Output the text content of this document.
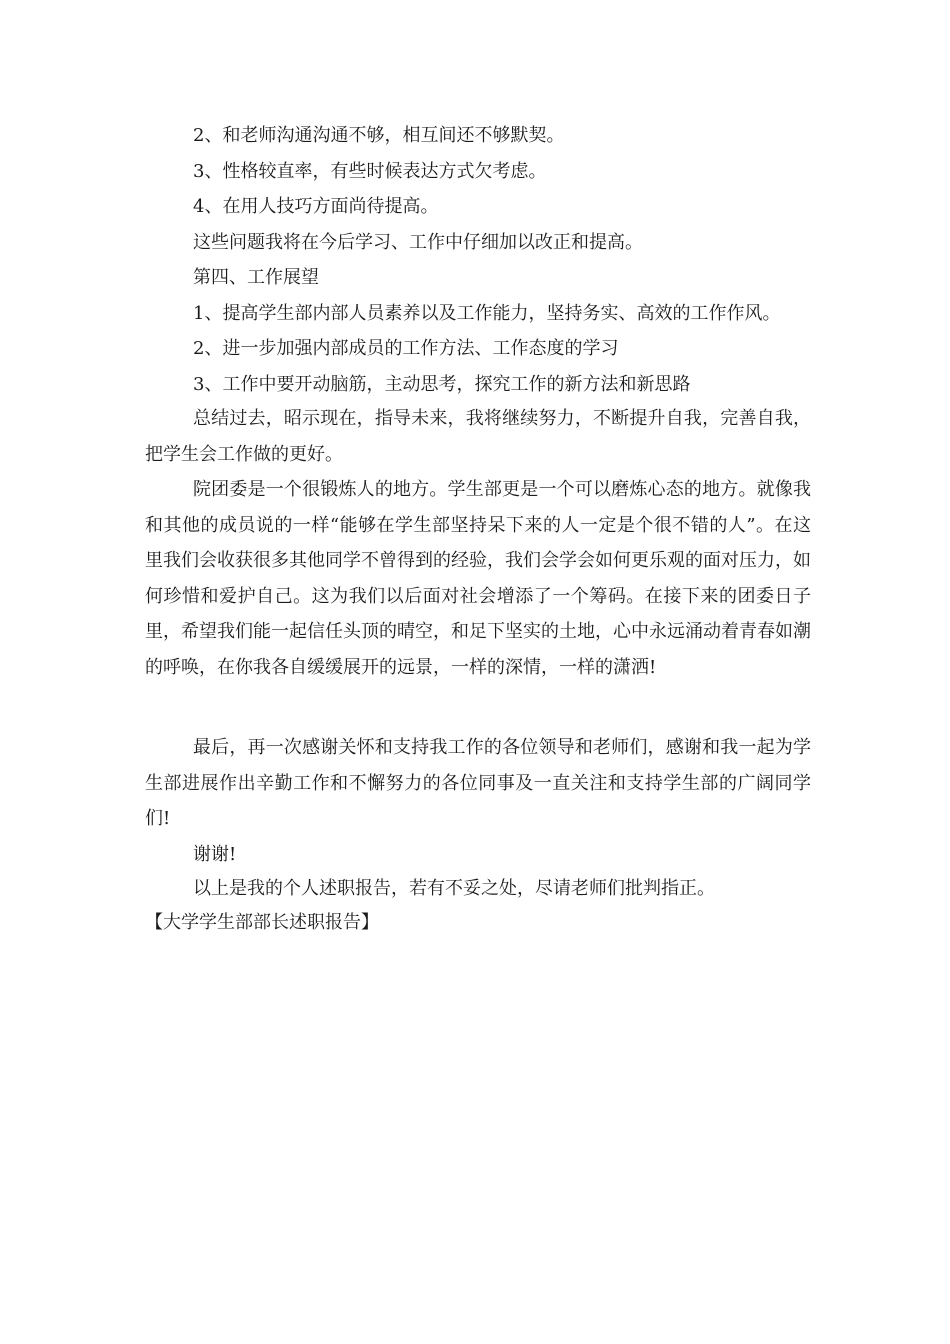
2、和老师沟通沟通不够，相互间还不够默契。
3、性格较直率，有些时候表达方式欠考虑。
4、在用人技巧方面尚待提高。
这些问题我将在今后学习、工作中仔细加以改正和提高。
第四、工作展望
1、提高学生部内部人员素养以及工作能力，坚持务实、高效的工作作风。
2、进一步加强内部成员的工作方法、工作态度的学习
3、工作中要开动脑筋，主动思考，探究工作的新方法和新思路
总结过去，昭示现在，指导未来，我将继续努力，不断提升自我，完善自我，把学生会工作做的更好。
院团委是一个很锻炼人的地方。学生部更是一个可以磨炼心态的地方。就像我和其他的成员说的一样“能够在学生部坚持呆下来的人一定是个很不错的人”。在这里我们会收获很多其他同学不曾得到的经验，我们会学会如何更乐观的面对压力，如何珍惜和爱护自己。这为我们以后面对社会增添了一个筹码。在接下来的团委日子里，希望我们能一起信任头顶的晴空，和足下坚实的土地，心中永远涌动着青春如潮的呼唤，在你我各自缓缓展开的远景，一样的深情，一样的潇洒!
最后，再一次感谢关怀和支持我工作的各位领导和老师们，感谢和我一起为学生部进展作出辛勤工作和不懈努力的各位同事及一直关注和支持学生部的广阔同学们!
谢谢!
以上是我的个人述职报告，若有不妥之处，尽请老师们批判指正。
【大学学生部部长述职报告】
